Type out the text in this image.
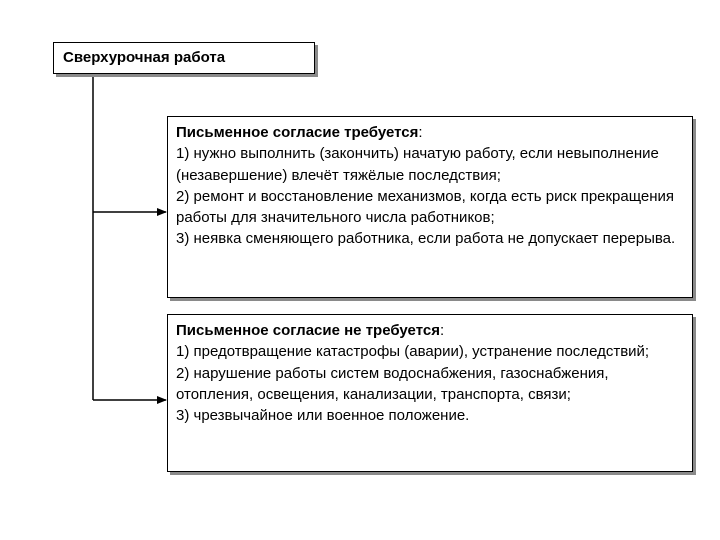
Сверхурочная работа

Письменное согласие требуется:

1) нужно выполнить (закончить) начатую работу, если невыполнение (незавершение) влечёт тяжёлые последствия;

2) ремонт и восстановление механизмов, когда есть риск прекращения работы для значительного числа работников;

3) неявка сменяющего работника, если работа не допускает перерыва.

Письменное согласие не требуется:

1) предотвращение катастрофы (аварии), устранение последствий;

2) нарушение работы систем водоснабжения, газоснабжения, отопления, освещения, канализации, транспорта, связи;

3) чрезвычайное или военное положение.
